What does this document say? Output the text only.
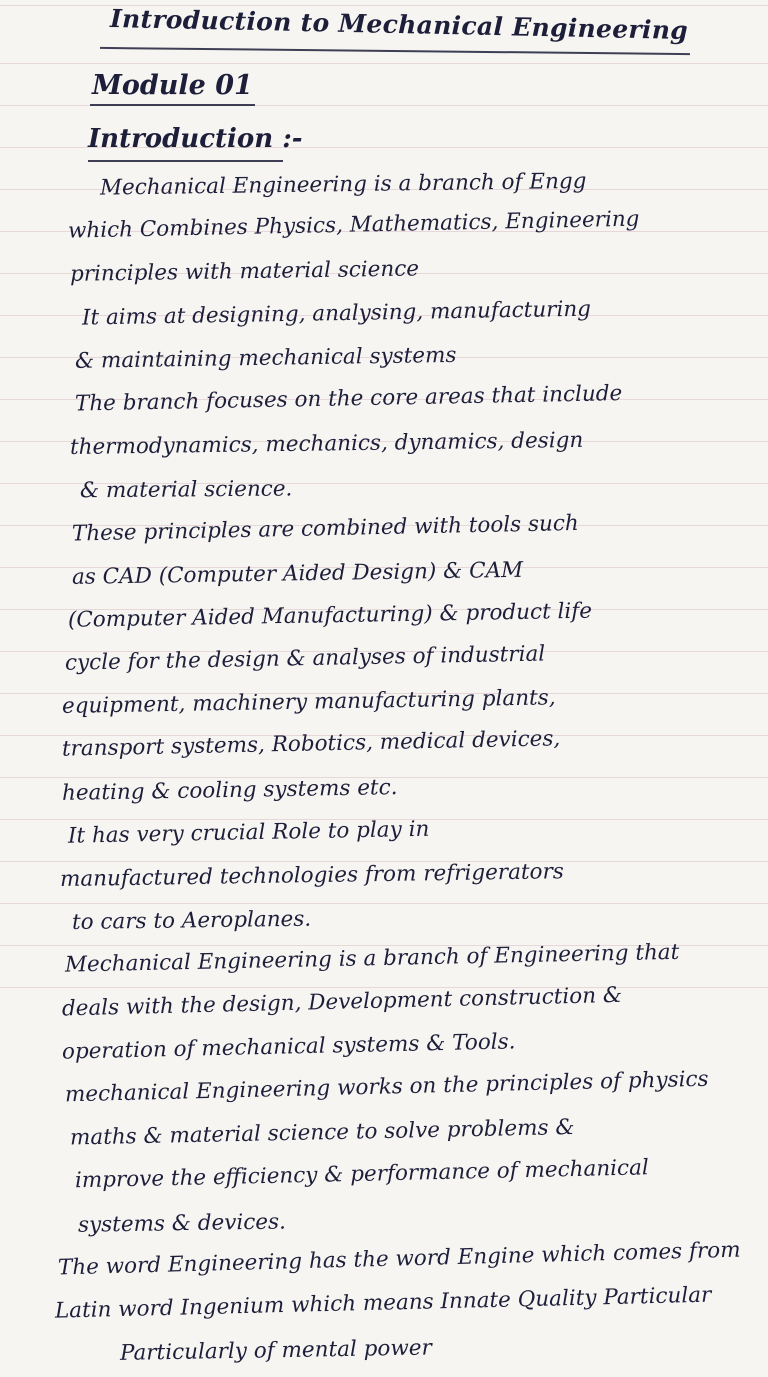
Introduction to Mechanical Engineering
Module 01
Introduction :-
Mechanical Engineering is a branch of Engg
which Combines Physics, Mathematics, Engineering
principles with material science
It aims at designing, analysing, manufacturing
& maintaining mechanical systems
The branch focuses on the core areas that include
thermodynamics, mechanics, dynamics, design
& material science.
These principles are combined with tools such
as CAD (Computer Aided Design) & CAM
(Computer Aided Manufacturing) & product life
cycle for the design & analyses of industrial
equipment, machinery manufacturing plants,
transport systems, Robotics, medical devices,
heating & cooling systems etc.
It has very crucial Role to play in
manufactured technologies from refrigerators
to cars to Aeroplanes.
Mechanical Engineering is a branch of Engineering that
deals with the design, Development construction &
operation of mechanical systems & Tools.
mechanical Engineering works on the principles of physics
maths & material science to solve problems &
improve the efficiency & performance of mechanical
systems & devices.
The word Engineering has the word Engine which comes from
Latin word Ingenium which means Innate Quality Particular
Particularly of mental power
